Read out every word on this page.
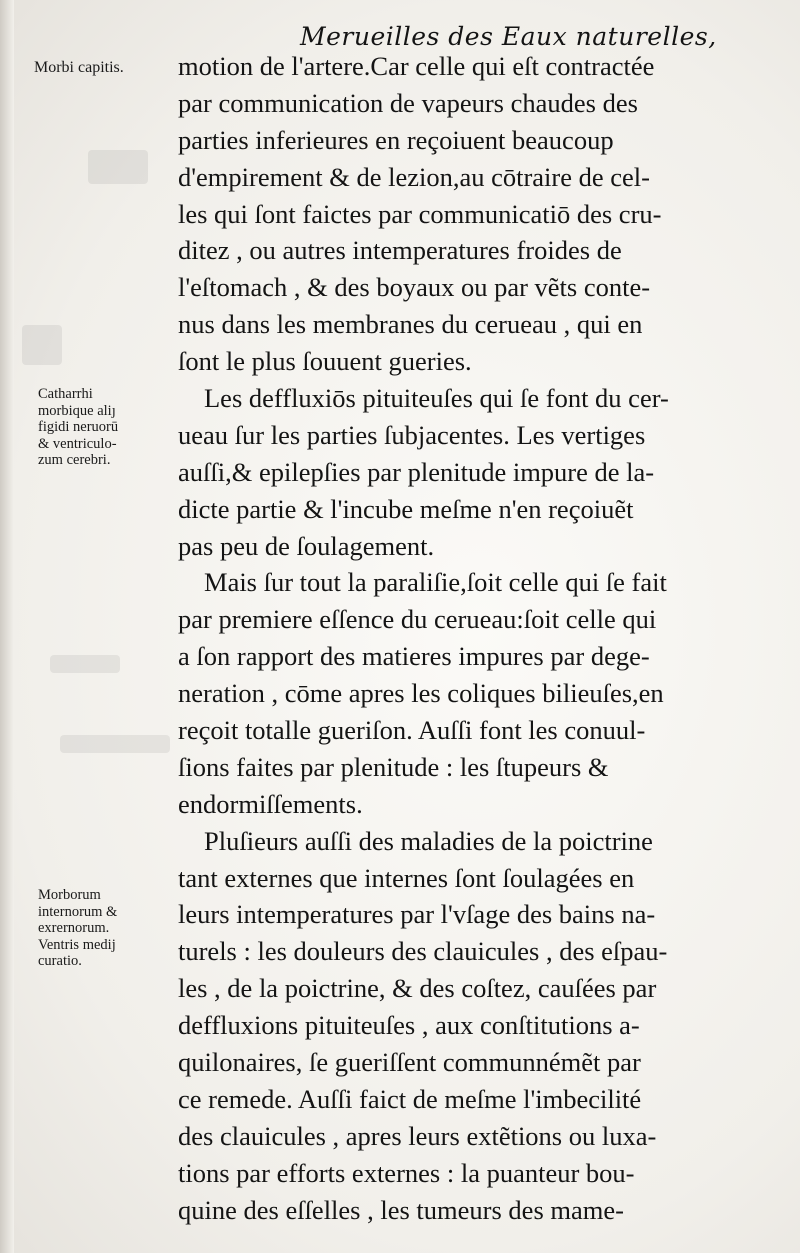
Merueilles des Eaux naturelles,
Morbi capitis.
Catharrhi
morbique aliȷ
figidi neruorū
& ventriculo-
zum cerebri.
Morborum
internorum &
exrernorum.
Ventris medij
curatio.
motion de l'artere.Car celle qui eſt contractée
par communication de vapeurs chaudes des
parties inferieures en reçoiuent beaucoup
d'empirement & de lezion,au cōtraire de cel-
les qui ſont faictes par communicatiō des cru-
ditez , ou autres intemperatures froides de
l'eſtomach , & des boyaux ou par vẽts conte-
nus dans les membranes du cerueau , qui en
ſont le plus ſouuent gueries.
Les deffluxiōs pituiteuſes qui ſe font du cer-
ueau ſur les parties ſubjacentes. Les vertiges
auſſi,& epilepſies par plenitude impure de la-
dicte partie & l'incube meſme n'en reçoiuẽt
pas peu de ſoulagement.
Mais ſur tout la paraliſie,ſoit celle qui ſe fait
par premiere eſſence du cerueau:ſoit celle qui
a ſon rapport des matieres impures par dege-
neration , cōme apres les coliques bilieuſes,en
reçoit totalle gueriſon. Auſſi font les conuul-
ſions faites par plenitude : les ſtupeurs &
endormiſſements.
Pluſieurs auſſi des maladies de la poictrine
tant externes que internes ſont ſoulagées en
leurs intemperatures par l'vſage des bains na-
turels : les douleurs des clauicules , des eſpau-
les , de la poictrine, & des coſtez, cauſées par
deffluxions pituiteuſes , aux conſtitutions a-
quilonaires, ſe gueriſſent communnémẽt par
ce remede. Auſſi faict de meſme l'imbecilité
des clauicules , apres leurs extẽtions ou luxa-
tions par efforts externes : la puanteur bou-
quine des eſſelles , les tumeurs des mame-
